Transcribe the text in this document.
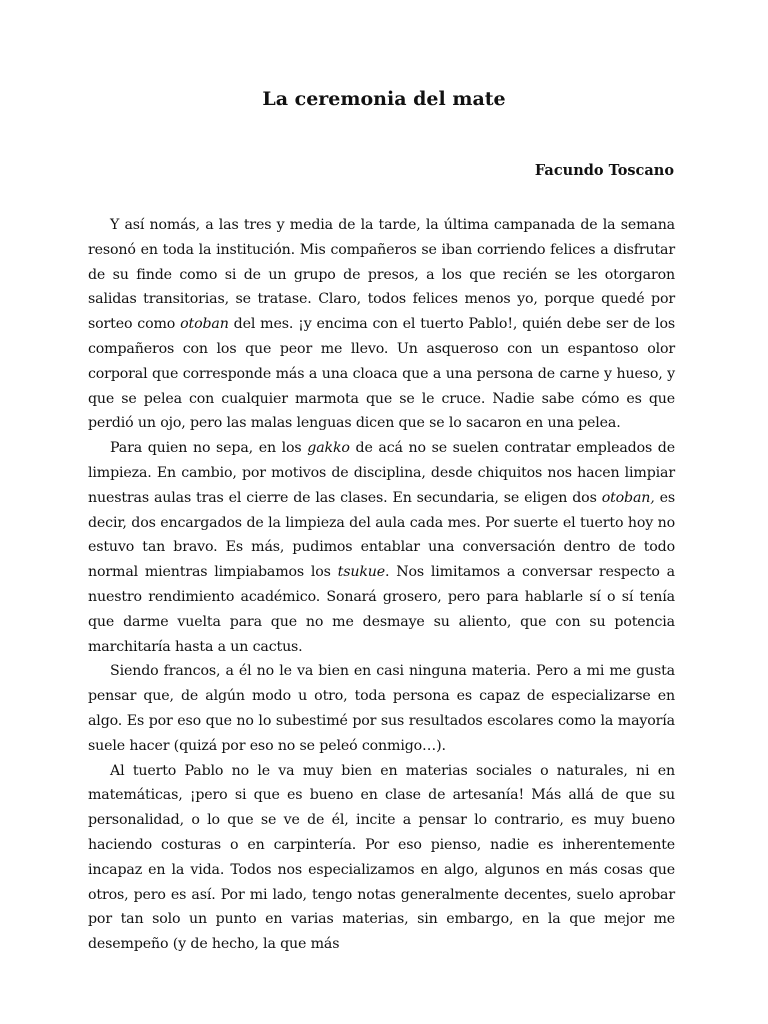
La ceremonia del mate
Facundo Toscano

Y así nomás, a las tres y media de la tarde, la última campanada de la semana resonó en toda la institución. Mis compañeros se iban corriendo felices a disfrutar de su finde como si de un grupo de presos, a los que recién se les otorgaron salidas transitorias, se tratase. Claro, todos felices menos yo, porque quedé por sorteo como otoban del mes. ¡y encima con el tuerto Pablo!, quién debe ser de los compañeros con los que peor me llevo. Un asqueroso con un espantoso olor corporal que corresponde más a una cloaca que a una persona de carne y hueso, y que se pelea con cualquier marmota que se le cruce. Nadie sabe cómo es que perdió un ojo, pero las malas lenguas dicen que se lo sacaron en una pelea.

Para quien no sepa, en los gakko de acá no se suelen contratar empleados de limpieza. En cambio, por motivos de disciplina, desde chiquitos nos hacen limpiar nuestras aulas tras el cierre de las clases. En secundaria, se eligen dos otoban, es decir, dos encargados de la limpieza del aula cada mes. Por suerte el tuerto hoy no estuvo tan bravo. Es más, pudimos entablar una conversación dentro de todo normal mientras limpiabamos los tsukue. Nos limitamos a conversar respecto a nuestro rendimiento académico. Sonará grosero, pero para hablarle sí o sí tenía que darme vuelta para que no me desmaye su aliento, que con su potencia marchitaría hasta a un cactus.

Siendo francos, a él no le va bien en casi ninguna materia. Pero a mi me gusta pensar que, de algún modo u otro, toda persona es capaz de especializarse en algo. Es por eso que no lo subestimé por sus resultados escolares como la mayoría suele hacer (quizá por eso no se peleó conmigo…).

Al tuerto Pablo no le va muy bien en materias sociales o naturales, ni en matemáticas, ¡pero si que es bueno en clase de artesanía! Más allá de que su personalidad, o lo que se ve de él, incite a pensar lo contrario, es muy bueno haciendo costuras o en carpintería. Por eso pienso, nadie es inherentemente incapaz en la vida. Todos nos especializamos en algo, algunos en más cosas que otros, pero es así. Por mi lado, tengo notas generalmente decentes, suelo aprobar por tan solo un punto en varias materias, sin embargo, en la que mejor me desempeño (y de hecho, la que más
